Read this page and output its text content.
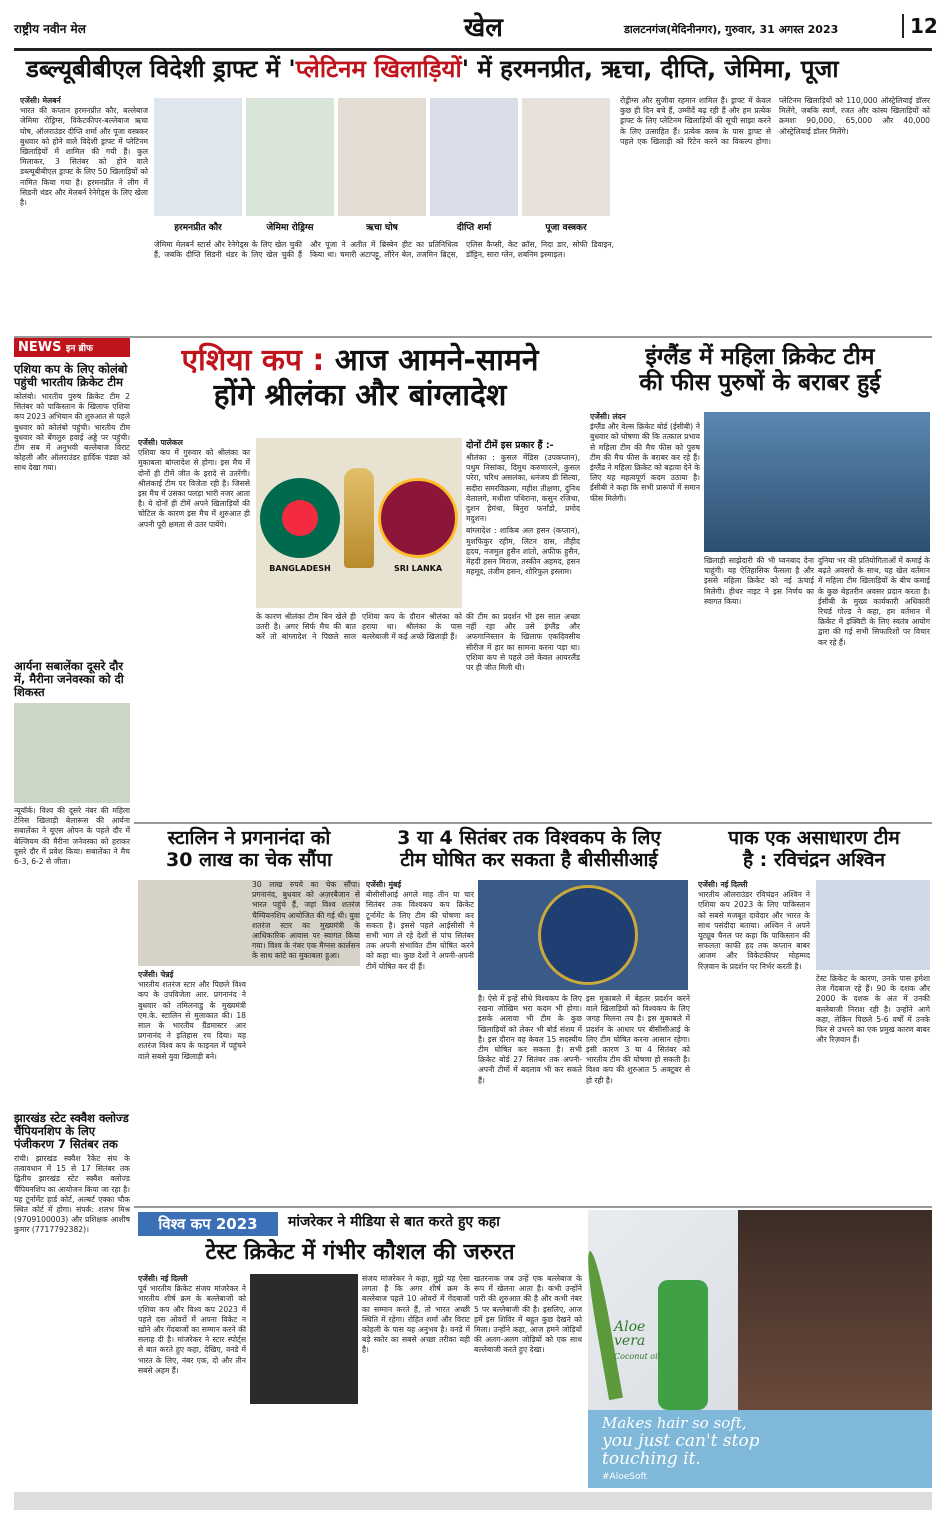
राष्ट्रीय नवीन मेल	खेल	डालटनगंज(मेदिनीनगर), गुरुवार, 31 अगस्त 2023	12
डब्ल्यूबीबीएल विदेशी ड्राफ्ट में 'प्लेटिनम खिलाड़ियों' में हरमनप्रीत, ऋचा, दीप्ति, जेमिमा, पूजा
एजेंसी। मेलबर्न
भारत की कप्तान हरमनप्रीत कौर, बल्लेबाज जेमिमा रोड्रिग्स, विकेटकीपर-बल्लेबाज ऋचा घोष, ऑलराउंडर दीप्ति शर्मा और पूजा वस्त्रकर बुधवार को होने वाले विदेशी ड्राफ्ट में प्लेटिनम खिलाड़ियों में शामिल की गयी हैं। कुल मिलाकर, 3 सितंबर को होने वाले डब्ल्यूबीबीएल ड्राफ्ट के लिए 50 खिलाड़ियों को नामित किया गया है। हरमनप्रीत ने लीग में सिडनी थंडर और मेलबर्न रेनेगेड्स के लिए खेला है।
हरमनप्रीत कौर	जेमिमा रोड्रिग्स	ऋचा घोष	दीप्ति शर्मा	पूजा वस्त्रकर
जेमिमा मेलबर्न स्टार्स और रेनेगेड्स के लिए खेल चुकी हैं, जबकि दीप्ति सिडनी थंडर के लिए खेल चुकी हैं और पूजा ने अतीत में ब्रिस्बेन हीट का प्रतिनिधित्व किया था। चमारी अटापट्टू, लौरेन बेल, तजमिन ब्रिट्स, एलिस कैप्सी, केट क्रॉस, निदा डार, सोफी डिवाइन, डॉट्टिन, सारा ग्लेन, शबनिम इस्माइल।
रोड्रीग्स और सुजीवा रहमान शामिल हैं। ड्राफ्ट में केवल कुछ ही दिन बचे हैं, उम्मीदें बढ़ रही हैं और हम प्रत्येक ड्राफ्ट के लिए प्लेटिनम खिलाड़ियों की सूची साझा करने के लिए उत्साहित हैं। प्रत्येक क्लब के पास ड्राफ्ट से पहले एक खिलाड़ी को रिटेन करने का विकल्प होगा। प्लेटिनम खिलाड़ियों को 110,000 ऑस्ट्रेलियाई डॉलर मिलेंगे, जबकि स्वर्ण, रजत और कांस्य खिलाड़ियों को क्रमशः 90,000, 65,000 और 40,000 ऑस्ट्रेलियाई डॉलर मिलेंगे।
NEWS इन ब्रीफ
एशिया कप के लिए कोलंबो पहुंची भारतीय क्रिकेट टीम
कोलंबो। भारतीय पुरुष क्रिकेट टीम 2 सितंबर को पाकिस्तान के खिलाफ एशिया कप 2023 अभियान की शुरुआत से पहले बुधवार को कोलंबो पहुंची। भारतीय टीम बुधवार को बेंगलुरु हवाई अड्डे पर पहुंची। टीम सब में अनुभवी बल्लेबाज विराट कोहली और ऑलराउंडर हार्दिक पंड्या को साथ देखा गया।
आर्यना सबालेंका दूसरे दौर में, मैरीना जनेवस्का को दी शिकस्त
न्यूयॉर्क। विश्व की दूसरे नंबर की महिला टेनिस खिलाड़ी बेलारूस की आर्यना सबालेंका ने यूएस ओपन के पहले दौर में बेल्जियम की मैरीना जनेवस्का को हराकर दूसरे दौर में प्रवेश किया। सबालेंका ने मैच 6-3, 6-2 से जीता।
झारखंड स्टेट स्क्वैश क्लोज्ड चैंपियनशिप के लिए पंजीकरण 7 सितंबर तक
रांची। झारखंड स्क्वैश रैकेट संघ के तत्वावधान में 15 से 17 सितंबर तक द्वितीय झारखंड स्टेट स्क्वैश क्लोज्ड चैंपियनशिप का आयोजन किया जा रहा है। यह टूर्नामेंट हार्ड कोर्ट, अल्बर्ट एक्का चौक स्थित कोर्ट में होगा। संपर्क: शलभ मिश्र (9709100003) और प्रशिक्षक आशीष कुमार (7717792382)।
एशिया कप : आज आमने-सामने
होंगे श्रीलंका और बांग्लादेश
एजेंसी। पालेकल
एशिया कप में गुरुवार को श्रीलंका का मुकाबला बांग्लादेश से होगा। इस मैच में दोनों ही टीमें जीत के इरादे से उतरेंगी। श्रीलंकाई टीम पर विजेता रही है। जिससे इस मैच में उसका पलड़ा भारी नजर आता है। ये दोनों ही टीमें अपने खिलाड़ियों की चोटिल के कारण इस मैच में शुरुआत ही अपनी पूरी क्षमता से उतर पायेंगे।
BANGLADESH	SRI LANKA
के कारण श्रीलंका टीम बिन खेले ही उतरी है। अगर सिर्फ मैच की बात करें तो बांग्लादेश ने पिछले साल एशिया कप के दौरान श्रीलंका को हराया था। श्रीलंका के पास बल्लेबाजी में कई अच्छे खिलाड़ी हैं।
दोनों टीमें इस प्रकार हैं :-
श्रीलंका : कुसल मेंडिस (उपकप्तान), पथुम निसांका, दिमुथ करुणारत्ने, कुसल परेरा, चरिथ असलंका, धनंजय डी सिल्वा, सदीरा समरविक्रमा, महीश तीक्षणा, दुनिथ वेलालगे, मथीशा पथिराना, कसुन रजिथा, दुशन हेमंथा, बिनुरा फर्नांडो, प्रमोद मदुशन।
बांग्लादेश : शाकिब अल हसन (कप्तान), मुशफिकुर रहीम, लिटन दास, तौहीद हृदय, नजमुल हुसैन शांतो, अफीफ हुसैन, मेहदी हसन मिराज, तस्कीन अहमद, हसन महमूद, तंजीम हसन, शोरिफुल इस्लाम।
की टीम का प्रदर्शन भी इस साल अच्छा नहीं रहा और उसे इंग्लैंड और अफगानिस्तान के खिलाफ एकदिवसीय सीरीज में हार का सामना करना पड़ा था। एशिया कप से पहले उसे केवल आयरलैंड पर ही जीत मिली थी।
इंग्लैंड में महिला क्रिकेट टीम
की फीस पुरुषों के बराबर हुई
एजेंसी। लंदन
इंग्लैंड और वेल्स क्रिकेट बोर्ड (ईसीबी) ने बुधवार को घोषणा की कि तत्काल प्रभाव से महिला टीम की मैच फीस को पुरुष टीम की मैच फीस के बराबर कर रहे हैं। इंग्लैंड ने महिला क्रिकेट को बढ़ावा देने के लिए यह महत्वपूर्ण कदम उठाया है। ईसीबी ने कहा कि सभी प्रारूपों में समान फीस मिलेगी।
खिलाड़ी साझेदारी की भी घ्वनबाद देना चाहूंगी। यह ऐतिहासिक फैसला है और इससे महिला क्रिकेट को नई ऊंचाई मिलेगी। हीथर नाइट ने इस निर्णय का स्वागत किया।
दुनिया भर की प्रतियोगिताओं में कमाई के बढ़ते अवसरों के साथ, यह खेल वर्तमान में महिला टीम खिलाड़ियों के बीच कमाई के कुछ बेहतरीन अवसर प्रदान करता है। ईसीबी के मुख्य कार्यकारी अधिकारी रिचर्ड गोल्ड ने कहा, हम वर्तमान में क्रिकेट में इक्विटी के लिए स्वतंत्र आयोग द्वारा की गई सभी सिफारिशों पर विचार कर रहे हैं।
स्टालिन ने प्रगनानंदा को
30 लाख का चेक सौंपा
एजेंसी। चेन्नई
भारतीय शतरंज स्टार और पिछले विश्व कप के उपविजेता आर. प्रगनानंद ने बुधवार को तमिलनाडु के मुख्यमंत्री एम.के. स्टालिन से मुलाकात की। 18 साल के भारतीय ग्रैंडमास्टर आर प्रगनानंद ने इतिहास रच दिया। यह शतरंज विश्व कप के फाइनल में पहुंचने वाले सबसे युवा खिलाड़ी बने।
30 लाख रुपये का चेक सौंपा। प्रगनानंद, बुधवार को अज़रबैजान से भारत पहुंचे हैं, जहां विश्व शतरंज चैम्पियनशिप आयोजित की गई थी। युवा शतरंज स्टार का मुख्यमंत्री के आधिकारिक आवास पर स्वागत किया गया। विश्व के नंबर एक मैग्नस कार्लसन के साथ कांटे का मुकाबला हुआ।
3 या 4 सितंबर तक विश्वकप के लिए
टीम घोषित कर सकता है बीसीसीआई
एजेंसी। मुंबई
बीसीसीआई अगले माह तीन या चार सितंबर तक विश्वकप कप क्रिकेट टूर्नामेंट के लिए टीम की घोषणा कर सकता है। इससे पहले आईसीसी ने सभी भाग ले रहे देशों से पांच सितंबर तक अपनी संभावित टीम घोषित करने को कहा था। कुछ देशों ने अपनी-अपनी टीमें घोषित कर दी हैं।
है। ऐसे में इन्हें सीधे विश्वकप के लिए रखना जोखिम भरा कदम भी होगा। इसके अलावा भी टीम के कुछ खिलाड़ियों को लेकर भी बोर्ड संशय में है। इस दौरान वह केवल 15 सदस्यीय टीम घोषित कर सकता है। सभी क्रिकेट बोर्ड 27 सितंबर तक अपनी-अपनी टीमों में बदलाव भी कर सकते हैं।
इस मुकाबले में बेहतर प्रदर्शन करने वाले खिलाड़ियों को विश्वकप के लिए जगह मिलना तय है। इस मुकाबले में प्रदर्शन के आधार पर बीसीसीआई के लिए टीम घोषित करना आसान रहेगा। इसी कारण 3 या 4 सितंबर को भारतीय टीम की घोषणा हो सकती है। विश्व कप की शुरुआत 5 अक्टूबर से हो रही है।
पाक एक असाधारण टीम
है : रविचंद्रन अश्विन
एजेंसी। नई दिल्ली
भारतीय ऑलराउंडर रविचंद्रन अश्विन ने एशिया कप 2023 के लिए पाकिस्तान को सबसे मजबूत दावेदार और भारत के साथ पसंदीदा बताया। अश्विन ने अपने यूट्यूब चैनल पर कहा कि पाकिस्तान की सफलता काफी हद तक कप्तान बाबर आजम और विकेटकीपर मोहम्मद रिज़वान के प्रदर्शन पर निर्भर करती है।
टेस्ट क्रिकेट के कारण, उनके पास हमेशा तेज गेंदबाज रहे हैं। 90 के दशक और 2000 के दशक के अंत में उनकी बल्लेबाजी निराश रही है। उन्होंने आगे कहा, लेकिन पिछले 5-6 वर्षों में उनके फिर से उभरने का एक प्रमुख कारण बाबर और रिज़वान हैं।
विश्व कप 2023	मांजरेकर ने मीडिया से बात करते हुए कहा
टेस्ट क्रिकेट में गंभीर कौशल की जरुरत
एजेंसी। नई दिल्ली
पूर्व भारतीय क्रिकेट संजय मांजरेकर ने भारतीय शीर्ष क्रम के बल्लेबाजों को एशिया कप और विश्व कप 2023 में पहले दस ओवरों में अपना विकेट न खोने और गेंदबाजों का सम्मान करने की सलाह दी है। मांजरेकर ने स्टार स्पोर्ट्स से बात करते हुए कहा, देखिए, वनडे में भारत के लिए, नंबर एक, दो और तीन सबसे अहम हैं।
संजय मांजरेकर ने कहा, मुझे यह ऐसा लगता है कि अगर शीर्ष क्रम के बल्लेबाज पहले 10 ओवरों में गेंदबाजों का सम्मान करते हैं, तो भारत अच्छी स्थिति में रहेगा। रोहित शर्मा और विराट कोहली के पास यह अनुभव है। वनडे में बड़े स्कोर का सबसे अच्छा तरीका यही है।
खतरनाक जब उन्हें एक बल्लेबाज के रूप में खेलना आता है। कभी उन्होंने पारी की शुरुआत की है और कभी नंबर 5 पर बल्लेबाजी की है। इसलिए, आज हमें इस शिविर में बहुत कुछ देखने को मिला। उन्होंने कहा, आज हमने जोड़ियों की अलग-अलग जोड़ियों को एक साथ बल्लेबाजी करते हुए देखा।
Aloe
vera
Coconut oil
Makes hair so soft,
you just can't stop
touching it.
#AloeSoft
